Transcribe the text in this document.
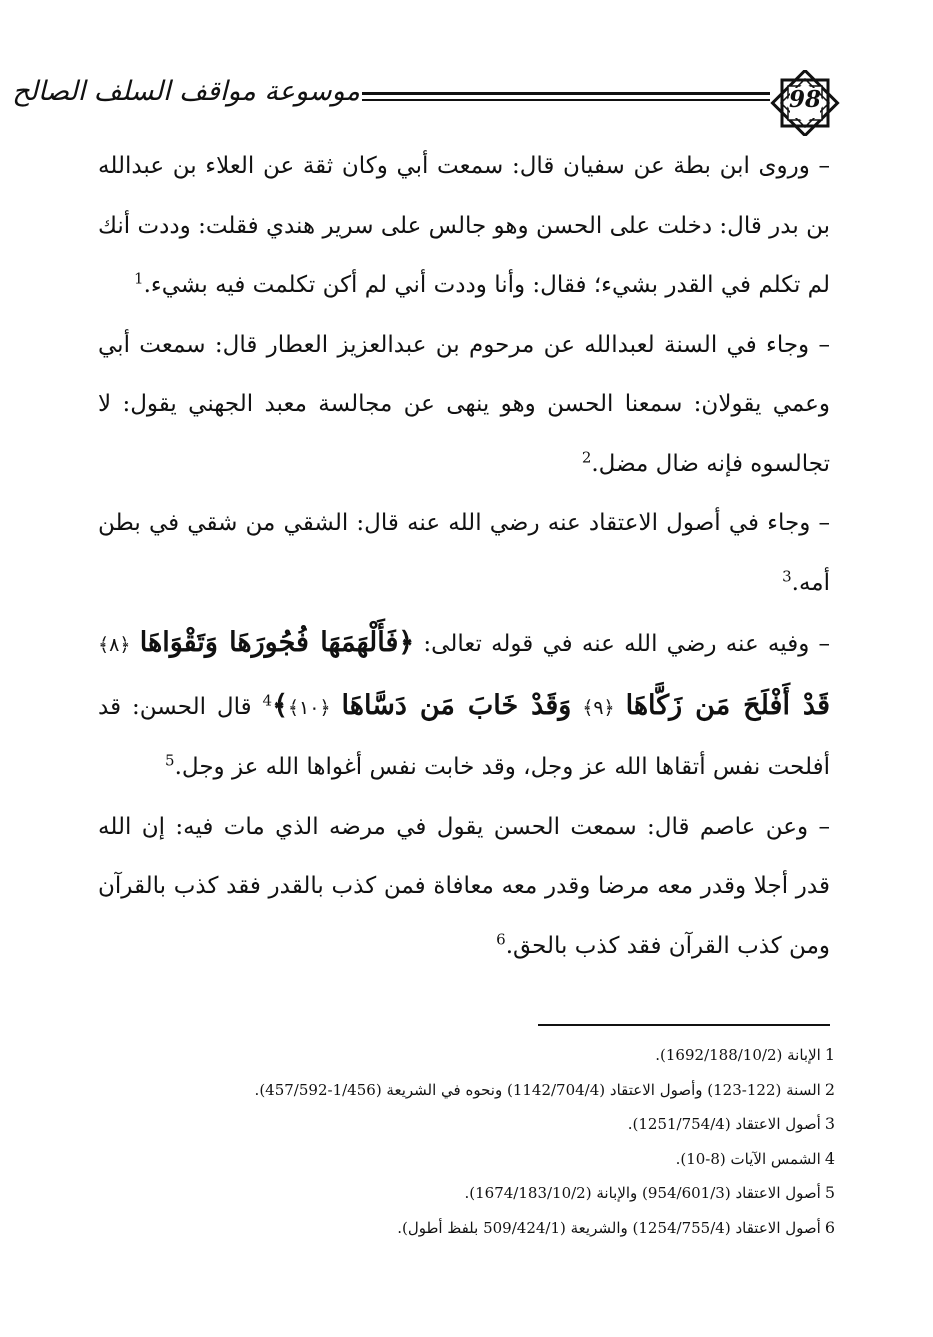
موسوعة مواقف السلف الصالح	98

– وروى ابن بطة عن سفيان قال: سمعت أبي وكان ثقة عن العلاء بن عبدالله بن بدر قال: دخلت على الحسن وهو جالس على سرير هندي فقلت: وددت أنك لم تكلم في القدر بشيء؛ فقال: وأنا وددت أني لم أكن تكلمت فيه بشيء.$^1$

– وجاء في السنة لعبدالله عن مرحوم بن عبدالعزيز العطار قال: سمعت أبي وعمي يقولان: سمعنا الحسن وهو ينهى عن مجالسة معبد الجهني يقول: لا تجالسوه فإنه ضال مضل.$^2$

– وجاء في أصول الاعتقاد عنه رضي الله عنه قال: الشقي من شقي في بطن أمه.$^3$

– وفيه عنه رضي الله عنه في قوله تعالى: ﴿فَأَلْهَمَهَا فُجُورَهَا وَتَقْوَاهَا ﴿٨﴾ قَدْ أَفْلَحَ مَن زَكَّاهَا ﴿٩﴾ وَقَدْ خَابَ مَن دَسَّاهَا ﴿١٠﴾﴾$^4$ قال الحسن: قد أفلحت نفس أتقاها الله عز وجل، وقد خابت نفس أغواها الله عز وجل.$^5$

– وعن عاصم قال: سمعت الحسن يقول في مرضه الذي مات فيه: إن الله قدر أجلا وقدر معه مرضا وقدر معه معافاة فمن كذب بالقدر فقد كذب بالقرآن ومن كذب القرآن فقد كذب بالحق.$^6$

1الإبانة (1692/188/10/2).

2السنة (122-123) وأصول الاعتقاد (1142/704/4) ونحوه في الشريعة (1/456-457/592).

3أصول الاعتقاد (1251/754/4).

4الشمس الآيات (8-10).

5أصول الاعتقاد (954/601/3) والإبانة (1674/183/10/2).

6أصول الاعتقاد (1254/755/4) والشريعة (509/424/1 بلفظ أطول).
